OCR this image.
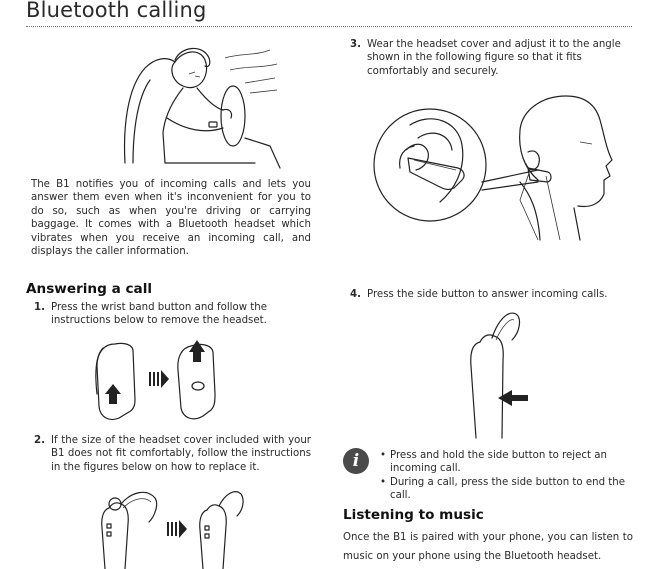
Bluetooth calling
The B1 notifies you of incoming calls and lets you answer them even when it's inconvenient for you to do so, such as when you're driving or carrying baggage. It comes with a Bluetooth headset which vibrates when you receive an incoming call, and displays the caller information.
Answering a call
1. Press the wrist band button and follow the instructions below to remove the headset.
2. If the size of the headset cover included with your B1 does not fit comfortably, follow the instructions in the figures below on how to replace it.
3. Wear the headset cover and adjust it to the angle shown in the following figure so that it fits comfortably and securely.
4. Press the side button to answer incoming calls.
i
•	Press and hold the side button to reject an incoming call.
• During a call, press the side button to end the call.
Listening to music
Once the B1 is paired with your phone, you can listen to music on your phone using the Bluetooth headset.
